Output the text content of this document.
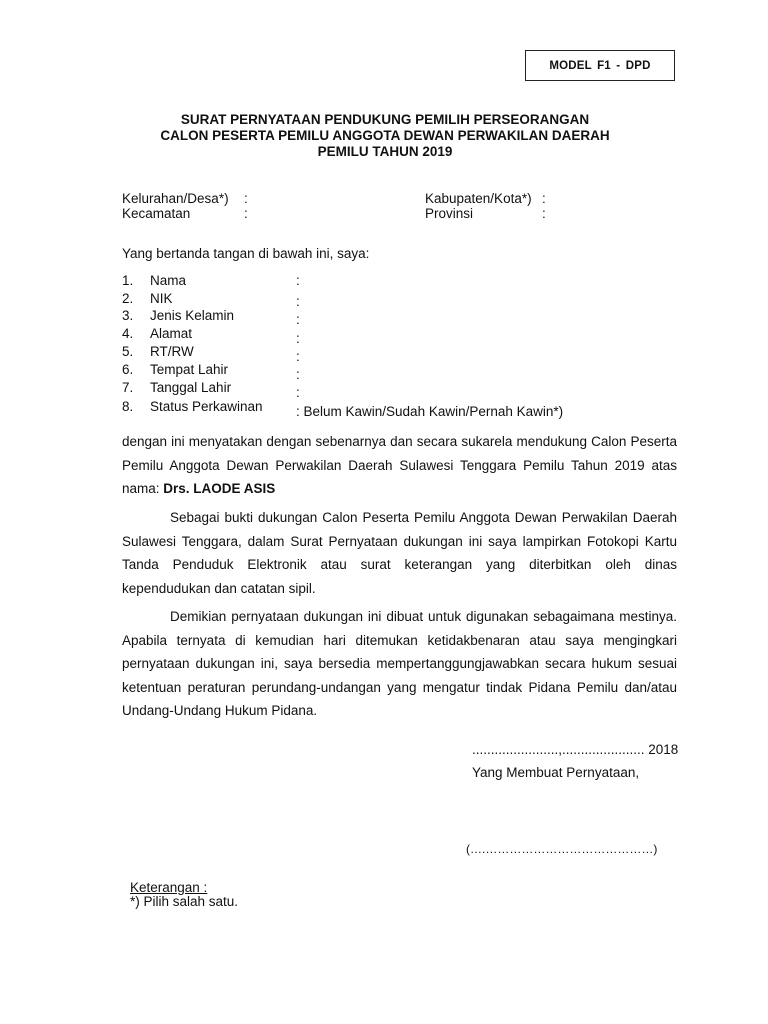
MODEL F1 - DPD
SURAT PERNYATAAN PENDUKUNG PEMILIH PERSEORANGAN
CALON PESERTA PEMILU ANGGOTA DEWAN PERWAKILAN DAERAH
PEMILU TAHUN 2019
Kelurahan/Desa*) :
Kecamatan	:
Kabupaten/Kota*) :
Provinsi	:
Yang bertanda tangan di bawah ini, saya:
1. Nama	:
2. NIK	:
3. Jenis Kelamin	:
4. Alamat	:
5. RT/RW	:
6. Tempat Lahir	:
7. Tanggal Lahir	:
8. Status Perkawinan : Belum Kawin/Sudah Kawin/Pernah Kawin*)

dengan ini menyatakan dengan sebenarnya dan secara sukarela mendukung Calon Peserta Pemilu Anggota Dewan Perwakilan Daerah Sulawesi Tenggara Pemilu Tahun 2019 atas nama: Drs. LAODE ASIS

Sebagai bukti dukungan Calon Peserta Pemilu Anggota Dewan Perwakilan Daerah Sulawesi Tenggara, dalam Surat Pernyataan dukungan ini saya lampirkan Fotokopi Kartu Tanda Penduduk Elektronik atau surat keterangan yang diterbitkan oleh dinas kependudukan dan catatan sipil.

Demikian pernyataan dukungan ini dibuat untuk digunakan sebagaimana mestinya. Apabila ternyata di kemudian hari ditemukan ketidakbenaran atau saya mengingkari pernyataan dukungan ini, saya bersedia mempertanggungjawabkan secara hukum sesuai ketentuan peraturan perundang-undangan yang mengatur tindak Pidana Pemilu dan/atau Undang-Undang Hukum Pidana.

.......................,...................... 2018
Yang Membuat Pernyataan,
(….……………………………………)
Keterangan :
*) Pilih salah satu.
